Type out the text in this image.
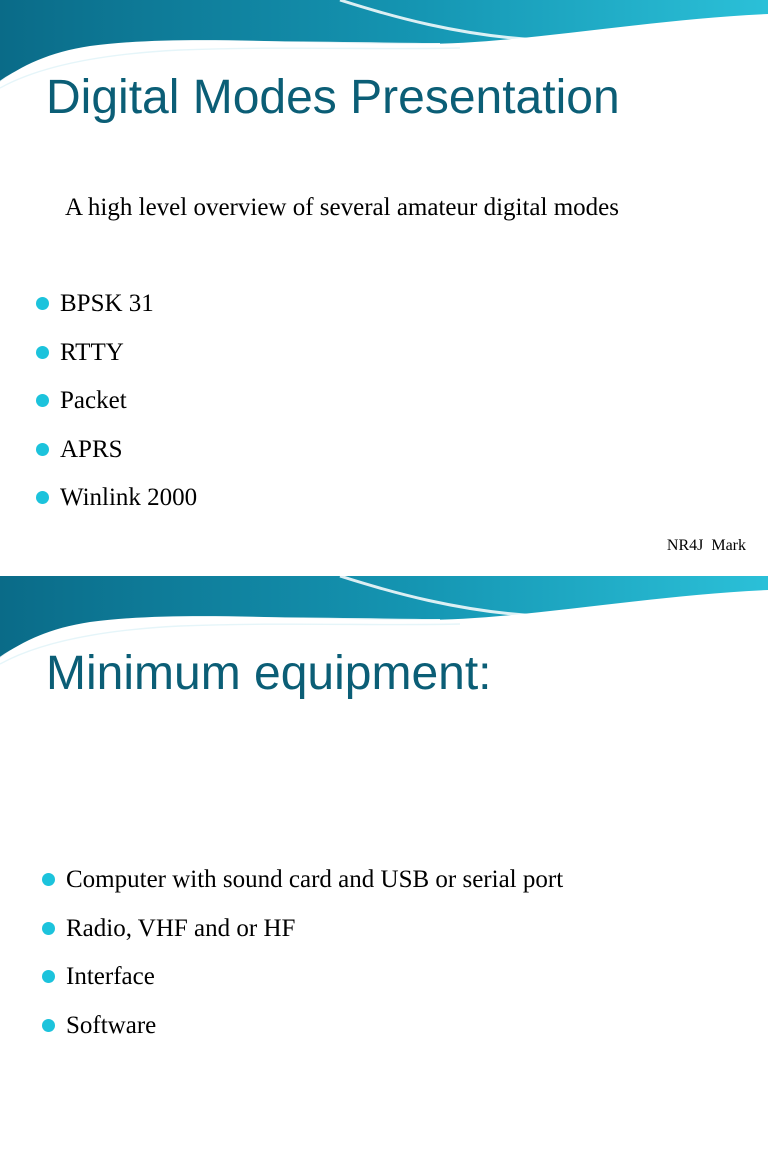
Digital Modes Presentation

A high level overview of several amateur digital modes

BPSK 31
RTTY
Packet
APRS
Winlink 2000
NR4J  Mark
Minimum equipment:
Computer with sound card and USB or serial port
Radio, VHF and or HF
Interface
Software
